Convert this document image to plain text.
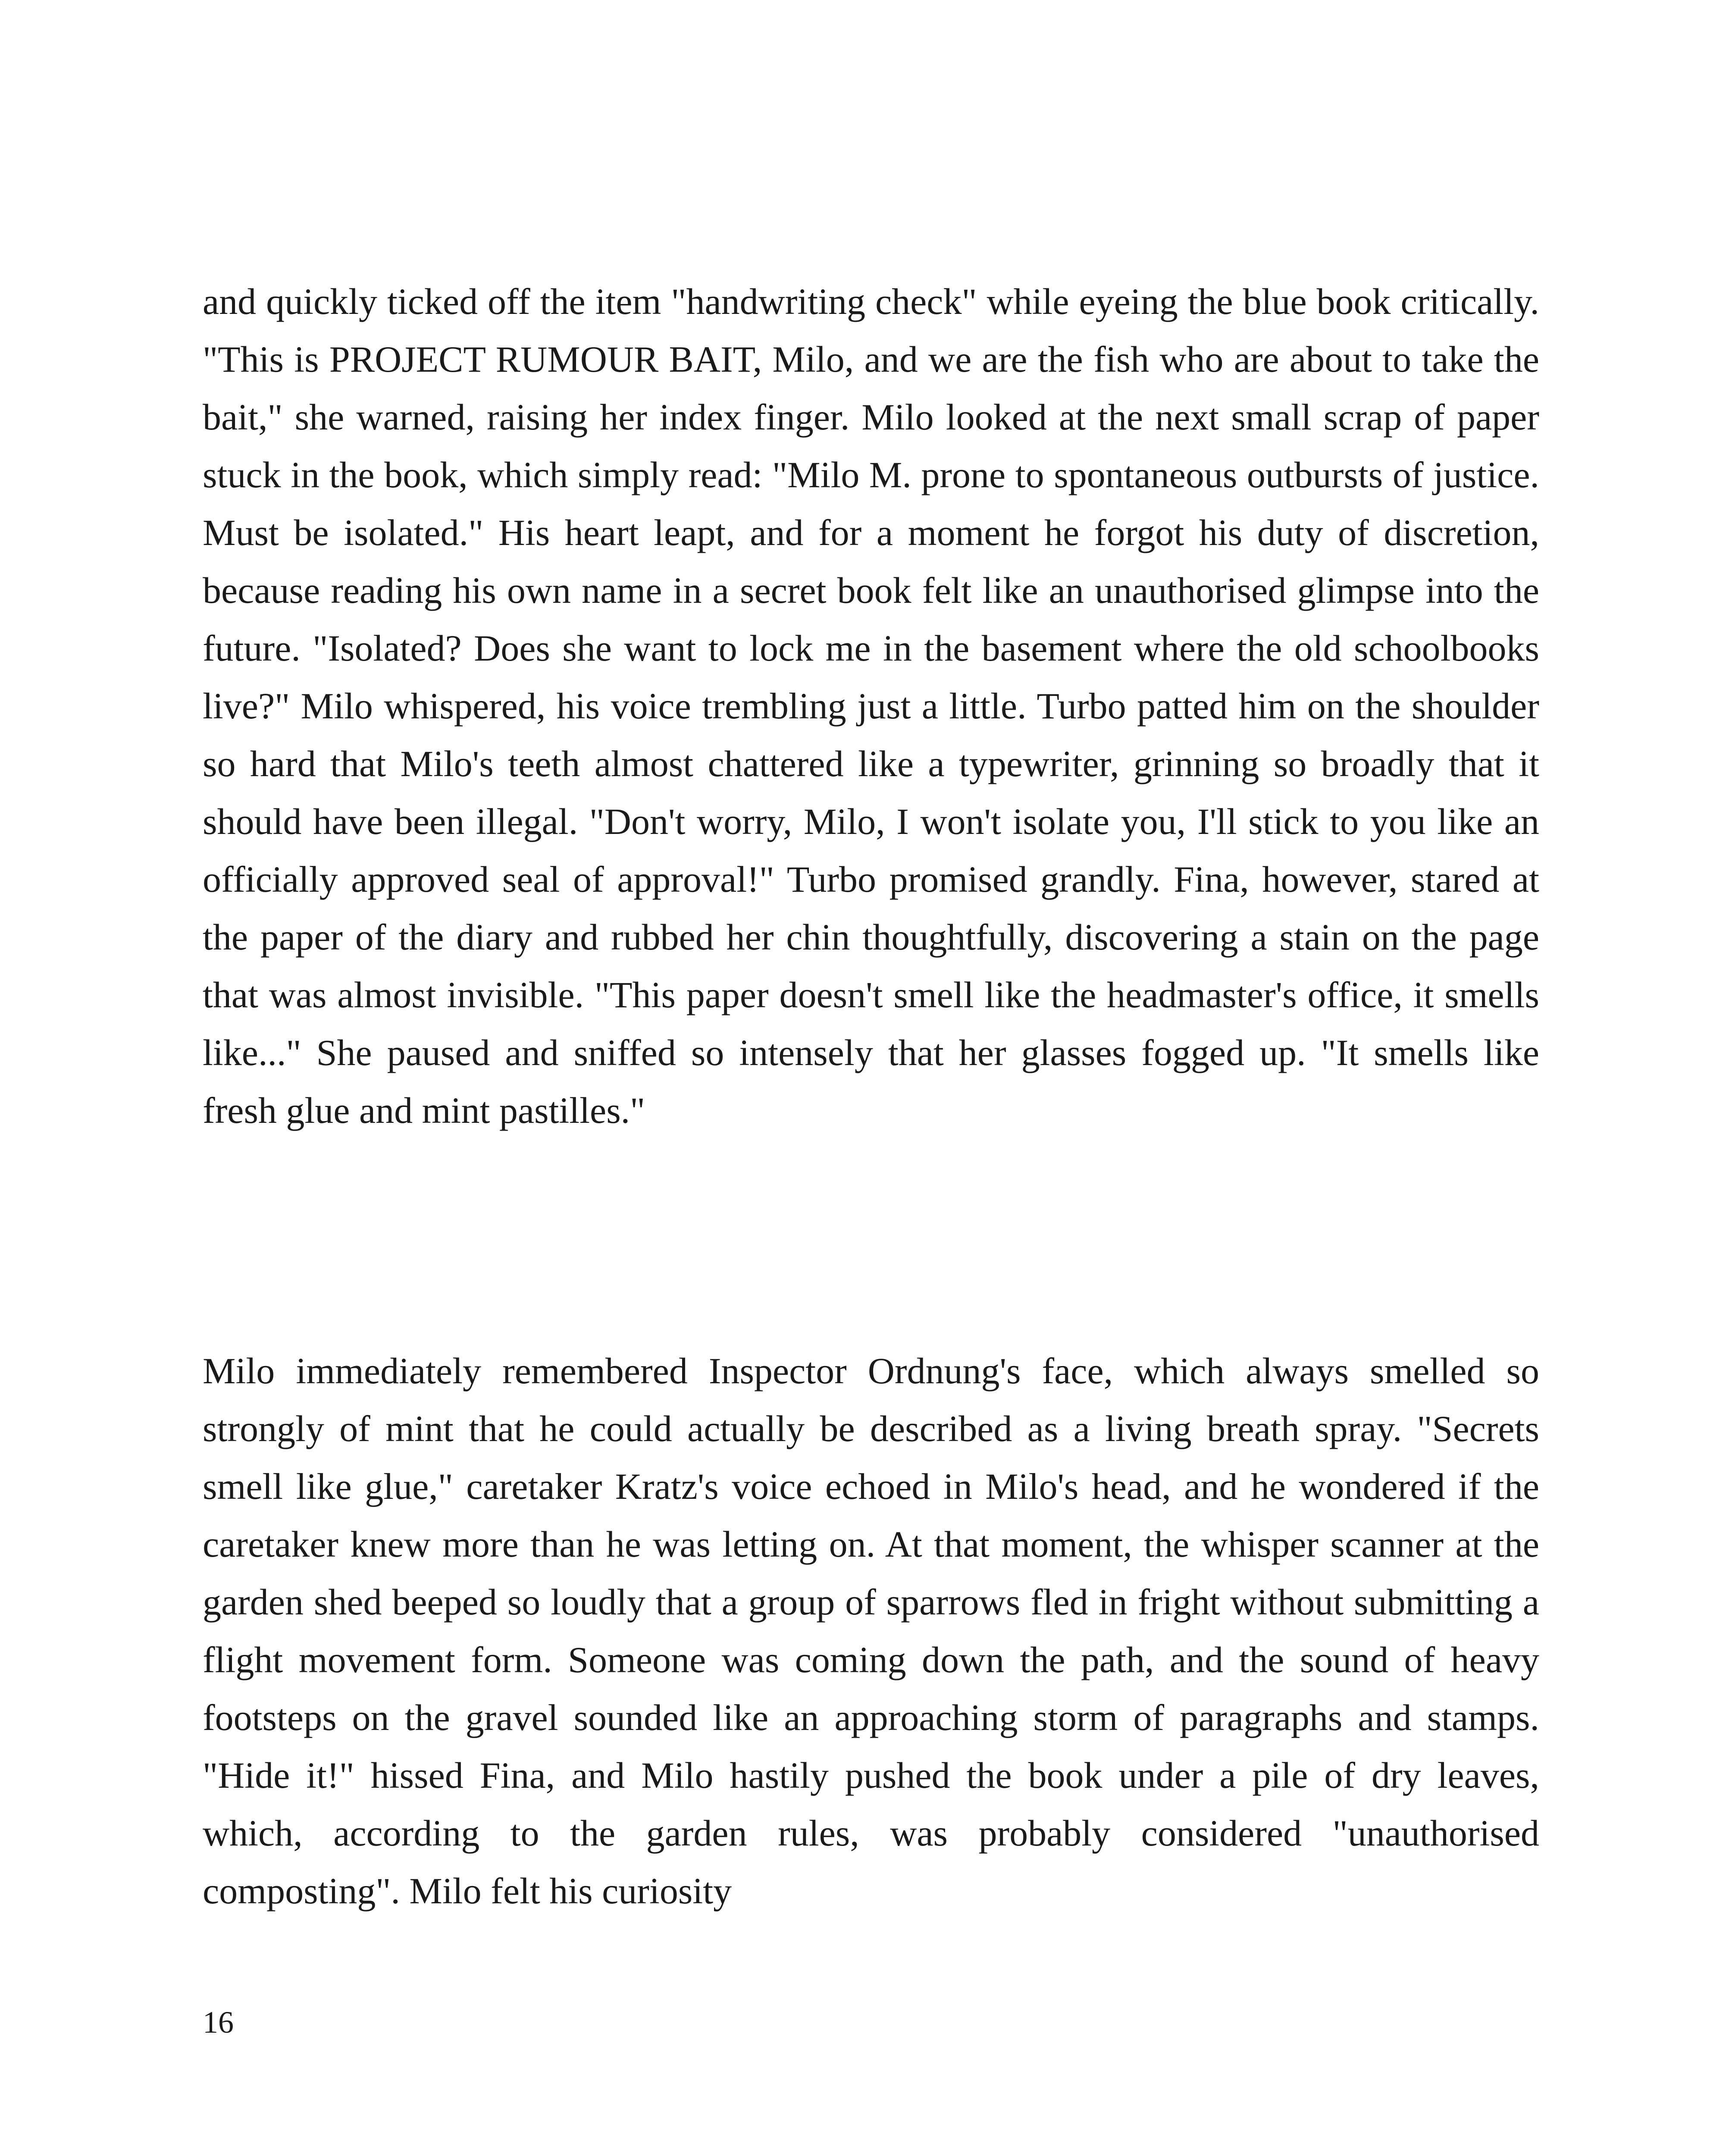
and quickly ticked off the item "handwriting check" while eyeing the blue book critically. "This is PROJECT RUMOUR BAIT, Milo, and we are the fish who are about to take the bait," she warned, raising her index finger. Milo looked at the next small scrap of paper stuck in the book, which simply read: "Milo M. prone to spontaneous outbursts of justice. Must be isolated." His heart leapt, and for a moment he forgot his duty of discretion, because reading his own name in a secret book felt like an unauthorised glimpse into the future. "Isolated? Does she want to lock me in the basement where the old schoolbooks live?" Milo whispered, his voice trembling just a little. Turbo patted him on the shoulder so hard that Milo's teeth almost chattered like a typewriter, grinning so broadly that it should have been illegal. "Don't worry, Milo, I won't isolate you, I'll stick to you like an officially approved seal of approval!" Turbo promised grandly. Fina, however, stared at the paper of the diary and rubbed her chin thoughtfully, discovering a stain on the page that was almost invisible. "This paper doesn't smell like the headmaster's office, it smells like..." She paused and sniffed so intensely that her glasses fogged up. "It smells like fresh glue and mint pastilles."

Milo immediately remembered Inspector Ordnung's face, which always smelled so strongly of mint that he could actually be described as a living breath spray. "Secrets smell like glue," caretaker Kratz's voice echoed in Milo's head, and he wondered if the caretaker knew more than he was letting on. At that moment, the whisper scanner at the garden shed beeped so loudly that a group of sparrows fled in fright without submitting a flight movement form. Someone was coming down the path, and the sound of heavy footsteps on the gravel sounded like an approaching storm of paragraphs and stamps. "Hide it!" hissed Fina, and Milo hastily pushed the book under a pile of dry leaves, which, according to the garden rules, was probably considered "unauthorised composting". Milo felt his curiosity

16
